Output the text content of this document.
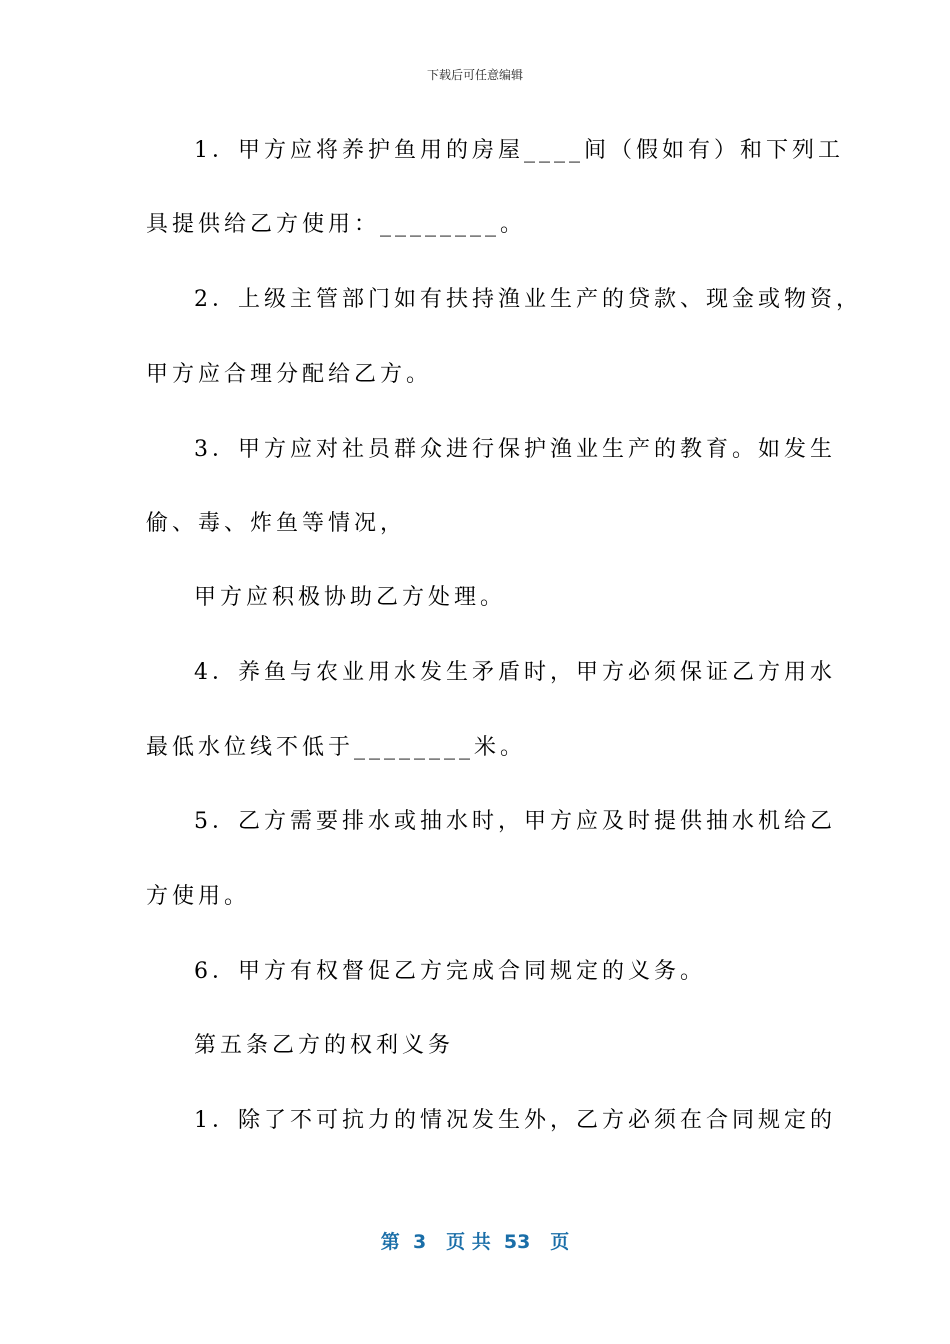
下载后可任意编辑
1．甲方应将养护鱼用的房屋____间（假如有）和下列工
具提供给乙方使用：________。
2．上级主管部门如有扶持渔业生产的贷款、现金或物资，
甲方应合理分配给乙方。
3．甲方应对社员群众进行保护渔业生产的教育。如发生
偷、毒、炸鱼等情况，
甲方应积极协助乙方处理。
4．养鱼与农业用水发生矛盾时，甲方必须保证乙方用水
最低水位线不低于________米。
5．乙方需要排水或抽水时，甲方应及时提供抽水机给乙
方使用。
6．甲方有权督促乙方完成合同规定的义务。
第五条乙方的权利义务
1．除了不可抗力的情况发生外，乙方必须在合同规定的
第  3   页 共  53   页
